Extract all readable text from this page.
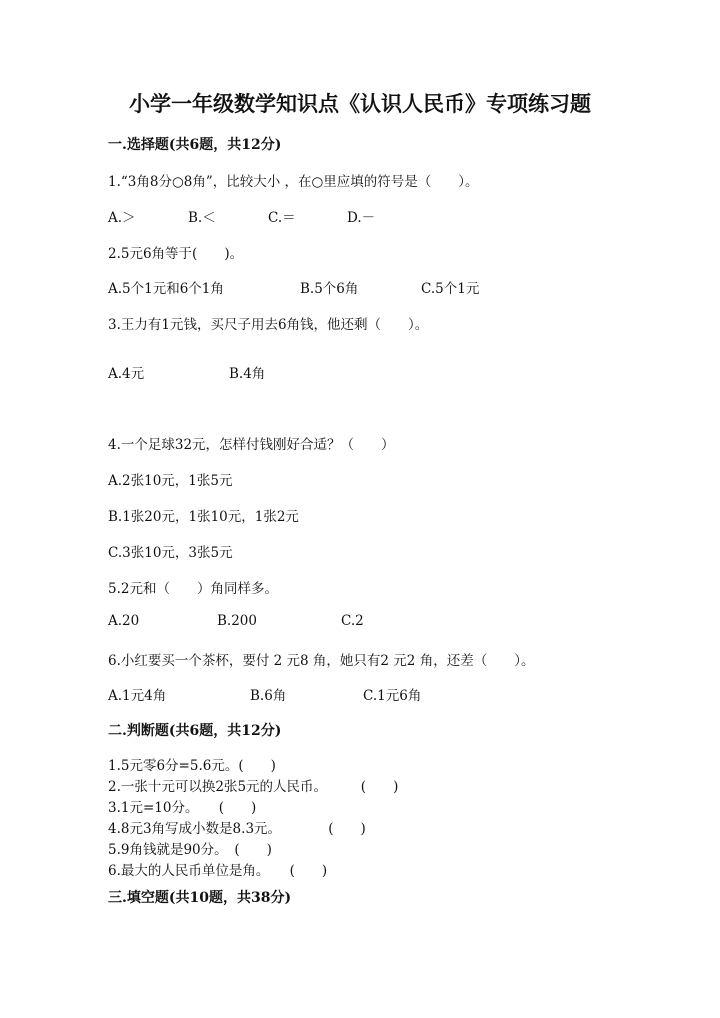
小学一年级数学知识点《认识人民币》专项练习题
一.选择题(共6题，共12分)
1.“3角8分○8角”，比较大小 ，在○里应填的符号是（　　）。
A.＞	B.＜	C.＝	D.－
2.5元6角等于(　　)。
A.5个1元和6个1角	B.5个6角	C.5个1元
3.王力有1元钱，买尺子用去6角钱，他还剩（　　）。
A.4元	B.4角
4.一个足球32元，怎样付钱刚好合适？（　　）
A.2张10元，1张5元
B.1张20元，1张10元，1张2元
C.3张10元，3张5元
5.2元和（　　）角同样多。
A.20	B.200	C.2
6.小红要买一个茶杯，要付 2 元8 角，她只有2 元2 角，还差（　　）。
A.1元4角	B.6角	C.1元6角
二.判断题(共6题，共12分)
1.5元零6分=5.6元。(　　)
2.一张十元可以换2张5元的人民币。　　　(　　)
3.1元=10分。　　(　　)
4.8元3角写成小数是8.3元。　　　　(　　)
5.9角钱就是90分。　(　　)
6.最大的人民币单位是角。　　(　　)
三.填空题(共10题，共38分)
